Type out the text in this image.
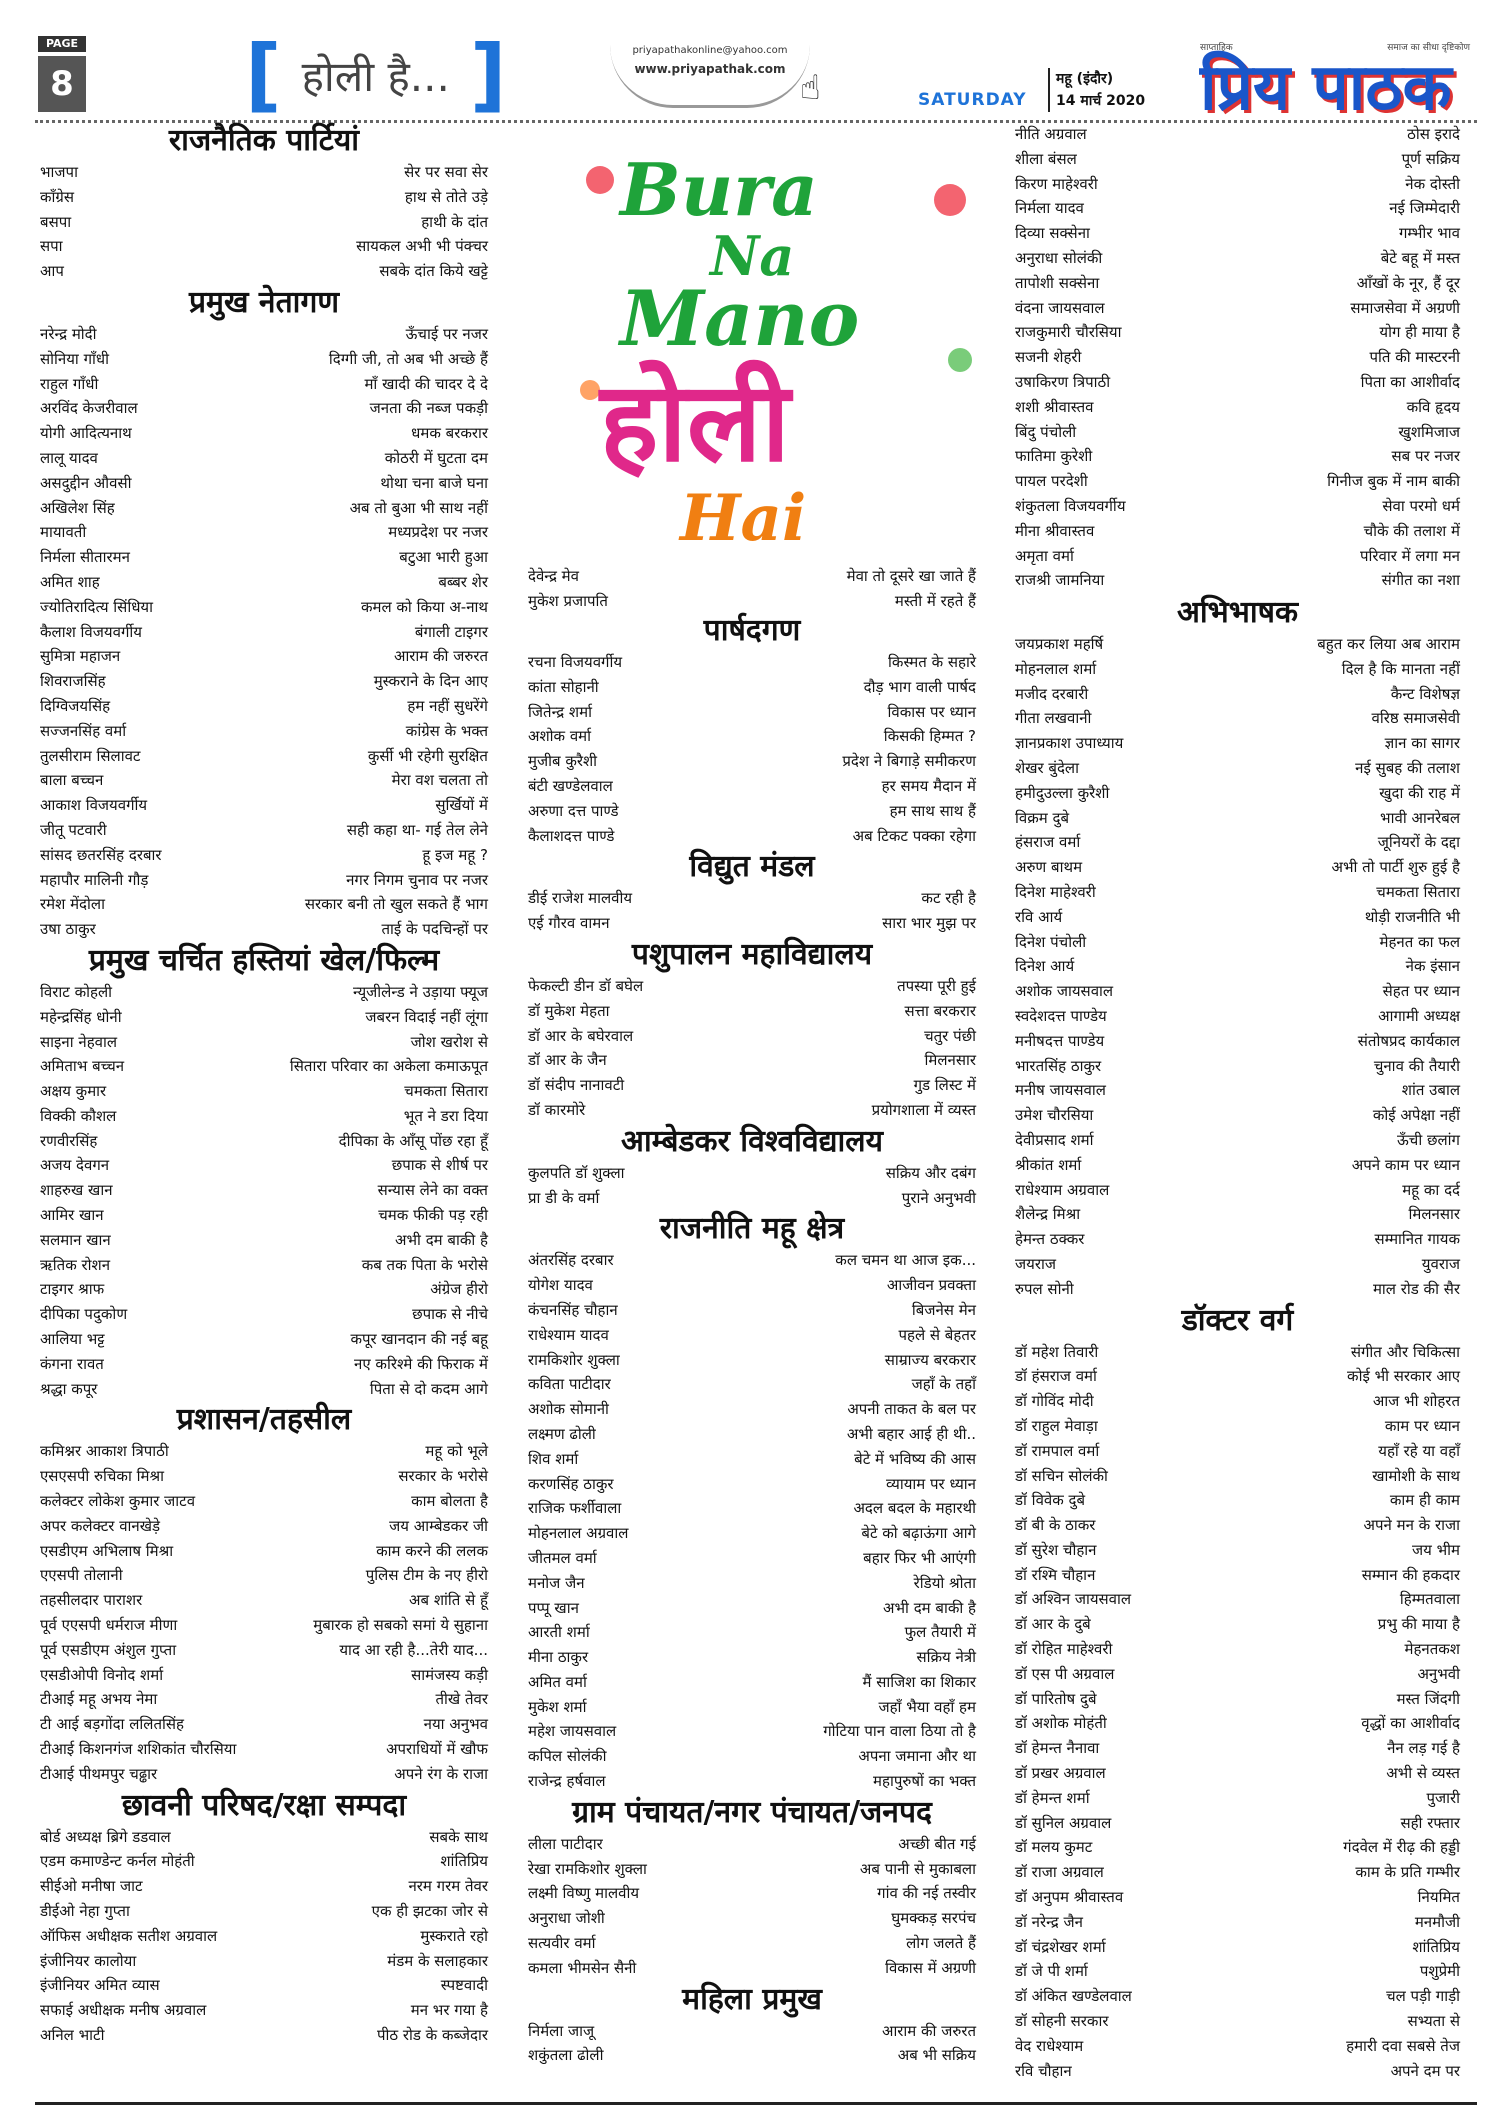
PAGE
8 [ होली है... ]	priyapathakonline@yahoo.com
www.priyapathak.com ☝	SATURDAY
महू (इंदौर)
14 मार्च 2020
साप्ताहिक	समाज का सीधा दृष्टिकोण
प्रिय पाठक
Bura
Na
Mano
होली
Hai
राजनैतिक पार्टियां
भाजपा	सेर पर सवा सेर
कॉंग्रेस	हाथ से तोते उड़े
बसपा	हाथी के दांत
सपा	सायकल अभी भी पंक्चर
आप	सबके दांत किये खट्टे
प्रमुख नेतागण
नरेन्द्र मोदी	ऊँचाई पर नजर
सोनिया गाँधी	दिग्गी जी, तो अब भी अच्छे हैं
राहुल गाँधी	माँ खादी की चादर दे दे
अरविंद केजरीवाल	जनता की नब्ज पकड़ी
योगी आदित्यनाथ	धमक बरकरार
लालू यादव	कोठरी में घुटता दम
असदुद्दीन औवसी	थोथा चना बाजे घना
अखिलेश सिंह	अब तो बुआ भी साथ नहीं
मायावती	मध्यप्रदेश पर नजर
निर्मला सीतारमन	बटुआ भारी हुआ
अमित शाह	बब्बर शेर
ज्योतिरादित्य सिंधिया	कमल को किया अ-नाथ
कैलाश विजयवर्गीय	बंगाली टाइगर
सुमित्रा महाजन	आराम की जरुरत
शिवराजसिंह	मुस्कराने के दिन आए
दिग्विजयसिंह	हम नहीं सुधरेंगे
सज्जनसिंह वर्मा	कांग्रेस के भक्त
तुलसीराम सिलावट	कुर्सी भी रहेगी सुरक्षित
बाला बच्चन	मेरा वश चलता तो
आकाश विजयवर्गीय	सुर्खियों में
जीतू पटवारी	सही कहा था- गई तेल लेने
सांसद छतरसिंह दरबार	हू इज महू ?
महापौर मालिनी गौड़	नगर निगम चुनाव पर नजर
रमेश मेंदोला	सरकार बनी तो खुल सकते हैं भाग
उषा ठाकुर	ताई के पदचिन्हों पर
प्रमुख चर्चित हस्तियां खेल/फिल्म
विराट कोहली	न्यूजीलेन्ड ने उड़ाया फ्यूज
महेन्द्रसिंह धोनी	जबरन विदाई नहीं लूंगा
साइना नेहवाल	जोश खरोश से
अमिताभ बच्चन	सितारा परिवार का अकेला कमाऊपूत
अक्षय कुमार	चमकता सितारा
विक्की कौशल	भूत ने डरा दिया
रणवीरसिंह	दीपिका के आँसू पोंछ रहा हूँ
अजय देवगन	छपाक से शीर्ष पर
शाहरुख खान	सन्यास लेने का वक्त
आमिर खान	चमक फीकी पड़ रही
सलमान खान	अभी दम बाकी है
ऋतिक रोशन	कब तक पिता के भरोसे
टाइगर श्राफ	अंग्रेज हीरो
दीपिका पदुकोण	छपाक से नीचे
आलिया भट्ट	कपूर खानदान की नई बहू
कंगना रावत	नए करिश्मे की फिराक में
श्रद्धा कपूर	पिता से दो कदम आगे
प्रशासन/तहसील
कमिश्नर आकाश त्रिपाठी	महू को भूले
एसएसपी रुचिका मिश्रा	सरकार के भरोसे
कलेक्टर लोकेश कुमार जाटव	काम बोलता है
अपर कलेक्टर वानखेड़े	जय आम्बेडकर जी
एसडीएम अभिलाष मिश्रा	काम करने की ललक
एएसपी तोलानी	पुलिस टीम के नए हीरो
तहसीलदार पाराशर	अब शांति से हूँ
पूर्व एएसपी धर्मराज मीणा	मुबारक हो सबको समां ये सुहाना
पूर्व एसडीएम अंशुल गुप्ता	याद आ रही है...तेरी याद...
एसडीओपी विनोद शर्मा	सामंजस्य कड़ी
टीआई महू अभय नेमा	तीखे तेवर
टी आई बड़गोंदा ललितसिंह	नया अनुभव
टीआई किशनगंज शशिकांत चौरसिया	अपराधियों में खौफ
टीआई पीथमपुर चढ्ढार	अपने रंग के राजा
छावनी परिषद/रक्षा सम्पदा
बोर्ड अध्यक्ष ब्रिगे डडवाल	सबके साथ
एडम कमाण्डेन्ट कर्नल मोहंती	शांतिप्रिय
सीईओ मनीषा जाट	नरम गरम तेवर
डीईओ नेहा गुप्ता	एक ही झटका जोर से
ऑफिस अधीक्षक सतीश अग्रवाल	मुस्कराते रहो
इंजीनियर कालोया	मंडम के सलाहकार
इंजीनियर अमित व्यास	स्पष्टवादी
सफाई अधीक्षक मनीष अग्रवाल	मन भर गया है
अनिल भाटी	पीठ रोड के कब्जेदार
देवेन्द्र मेव	मेवा तो दूसरे खा जाते हैं
मुकेश प्रजापति	मस्ती में रहते हैं
पार्षदगण
रचना विजयवर्गीय	किस्मत के सहारे
कांता सोहानी	दौड़ भाग वाली पार्षद
जितेन्द्र शर्मा	विकास पर ध्यान
अशोक वर्मा	किसकी हिम्मत ?
मुजीब कुरैशी	प्रदेश ने बिगाड़े समीकरण
बंटी खण्डेलवाल	हर समय मैदान में
अरुणा दत्त पाण्डे	हम साथ साथ हैं
कैलाशदत्त पाण्डे	अब टिकट पक्का रहेगा
विद्युत मंडल
डीई राजेश मालवीय	कट रही है
एई गौरव वामन	सारा भार मुझ पर
पशुपालन महाविद्यालय
फेकल्टी डीन डॉ बघेल	तपस्या पूरी हुई
डॉ मुकेश मेहता	सत्ता बरकरार
डॉ आर के बघेरवाल	चतुर पंछी
डॉ आर के जैन	मिलनसार
डॉ संदीप नानावटी	गुड लिस्ट में
डॉ कारमोरे	प्रयोगशाला में व्यस्त
आम्बेडकर विश्वविद्यालय
कुलपति डॉ शुक्ला	सक्रिय और दबंग
प्रा डी के वर्मा	पुराने अनुभवी
राजनीति महू क्षेत्र
अंतरसिंह दरबार	कल चमन था आज इक...
योगेश यादव	आजीवन प्रवक्ता
कंचनसिंह चौहान	बिजनेस मेन
राधेश्याम यादव	पहले से बेहतर
रामकिशोर शुक्ला	साम्राज्य बरकरार
कविता पाटीदार	जहाँ के तहाँ
अशोक सोमानी	अपनी ताकत के बल पर
लक्ष्मण ढोली	अभी बहार आई ही थी..
शिव शर्मा	बेटे में भविष्य की आस
करणसिंह ठाकुर	व्यायाम पर ध्यान
राजिक फर्शीवाला	अदल बदल के महारथी
मोहनलाल अग्रवाल	बेटे को बढ़ाऊंगा आगे
जीतमल वर्मा	बहार फिर भी आएंगी
मनोज जैन	रेडियो श्रोता
पप्पू खान	अभी दम बाकी है
आरती शर्मा	फुल तैयारी में
मीना ठाकुर	सक्रिय नेत्री
अमित वर्मा	मैं साजिश का शिकार
मुकेश शर्मा	जहाँ भैया वहाँ हम
महेश जायसवाल	गोटिया पान वाला ठिया तो है
कपिल सोलंकी	अपना जमाना और था
राजेन्द्र हर्षवाल	महापुरुषों का भक्त
ग्राम पंचायत/नगर पंचायत/जनपद
लीला पाटीदार	अच्छी बीत गई
रेखा रामकिशोर शुक्ला	अब पानी से मुकाबला
लक्ष्मी विष्णु मालवीय	गांव की नई तस्वीर
अनुराधा जोशी	घुमक्कड़ सरपंच
सत्यवीर वर्मा	लोग जलते हैं
कमला भीमसेन सैनी	विकास में अग्रणी
महिला प्रमुख
निर्मला जाजू	आराम की जरुरत
शकुंतला ढोली	अब भी सक्रिय
नीति अग्रवाल	ठोस इरादे
शीला बंसल	पूर्ण सक्रिय
किरण माहेश्वरी	नेक दोस्ती
निर्मला यादव	नई जिम्मेदारी
दिव्या सक्सेना	गम्भीर भाव
अनुराधा सोलंकी	बेटे बहू में मस्त
तापोशी सक्सेना	आँखों के नूर, हैं दूर
वंदना जायसवाल	समाजसेवा में अग्रणी
राजकुमारी चौरसिया	योग ही माया है
सजनी शेहरी	पति की मास्टरनी
उषाकिरण त्रिपाठी	पिता का आशीर्वाद
शशी श्रीवास्तव	कवि हृदय
बिंदु पंचोली	खुशमिजाज
फातिमा कुरेशी	सब पर नजर
पायल परदेशी	गिनीज बुक में नाम बाकी
शंकुतला विजयवर्गीय	सेवा परमो धर्म
मीना श्रीवास्तव	चौके की तलाश में
अमृता वर्मा	परिवार में लगा मन
राजश्री जामनिया	संगीत का नशा
अभिभाषक
जयप्रकाश महर्षि	बहुत कर लिया अब आराम
मोहनलाल शर्मा	दिल है कि मानता नहीं
मजीद दरबारी	कैन्ट विशेषज्ञ
गीता लखवानी	वरिष्ठ समाजसेवी
ज्ञानप्रकाश उपाध्याय	ज्ञान का सागर
शेखर बुंदेला	नई सुबह की तलाश
हमीदुउल्ला कुरैशी	खुदा की राह में
विक्रम दुबे	भावी आनरेबल
हंसराज वर्मा	जूनियरों के दद्दा
अरुण बाथम	अभी तो पार्टी शुरु हुई है
दिनेश माहेश्वरी	चमकता सितारा
रवि आर्य	थोड़ी राजनीति भी
दिनेश पंचोली	मेहनत का फल
दिनेश आर्य	नेक इंसान
अशोक जायसवाल	सेहत पर ध्यान
स्वदेशदत्त पाण्डेय	आगामी अध्यक्ष
मनीषदत्त पाण्डेय	संतोषप्रद कार्यकाल
भारतसिंह ठाकुर	चुनाव की तैयारी
मनीष जायसवाल	शांत उबाल
उमेश चौरसिया	कोई अपेक्षा नहीं
देवीप्रसाद शर्मा	ऊँची छलांग
श्रीकांत शर्मा	अपने काम पर ध्यान
राधेश्याम अग्रवाल	महू का दर्द
शैलेन्द्र मिश्रा	मिलनसार
हेमन्त ठक्कर	सम्मानित गायक
जयराज	युवराज
रुपल सोनी	माल रोड की सैर
डॉक्टर वर्ग
डॉ महेश तिवारी	संगीत और चिकित्सा
डॉ हंसराज वर्मा	कोई भी सरकार आए
डॉ गोविंद मोदी	आज भी शोहरत
डॉ राहुल मेवाड़ा	काम पर ध्यान
डॉ रामपाल वर्मा	यहाँ रहे या वहाँ
डॉ सचिन सोलंकी	खामोशी के साथ
डॉ विवेक दुबे	काम ही काम
डॉ बी के ठाकर	अपने मन के राजा
डॉ सुरेश चौहान	जय भीम
डॉ रश्मि चौहान	सम्मान की हकदार
डॉ अश्विन जायसवाल	हिम्मतवाला
डॉ आर के दुबे	प्रभु की माया है
डॉ रोहित माहेश्वरी	मेहनतकश
डॉ एस पी अग्रवाल	अनुभवी
डॉ पारितोष दुबे	मस्त जिंदगी
डॉ अशोक मोहंती	वृद्धों का आशीर्वाद
डॉ हेमन्त नैनावा	नैन लड़ गई है
डॉ प्रखर अग्रवाल	अभी से व्यस्त
डॉ हेमन्त शर्मा	पुजारी
डॉ सुनिल अग्रवाल	सही रफ्तार
डॉ मलय कुमट	गंदवेल में रीढ़ की हड्डी
डॉ राजा अग्रवाल	काम के प्रति गम्भीर
डॉ अनुपम श्रीवास्तव	नियमित
डॉ नरेन्द्र जैन	मनमौजी
डॉ चंद्रशेखर शर्मा	शांतिप्रिय
डॉ जे पी शर्मा	पशुप्रेमी
डॉ अंकित खण्डेलवाल	चल पड़ी गाड़ी
डॉ सोहनी सरकार	सभ्यता से
वेद राधेश्याम	हमारी दवा सबसे तेज
रवि चौहान	अपने दम पर
